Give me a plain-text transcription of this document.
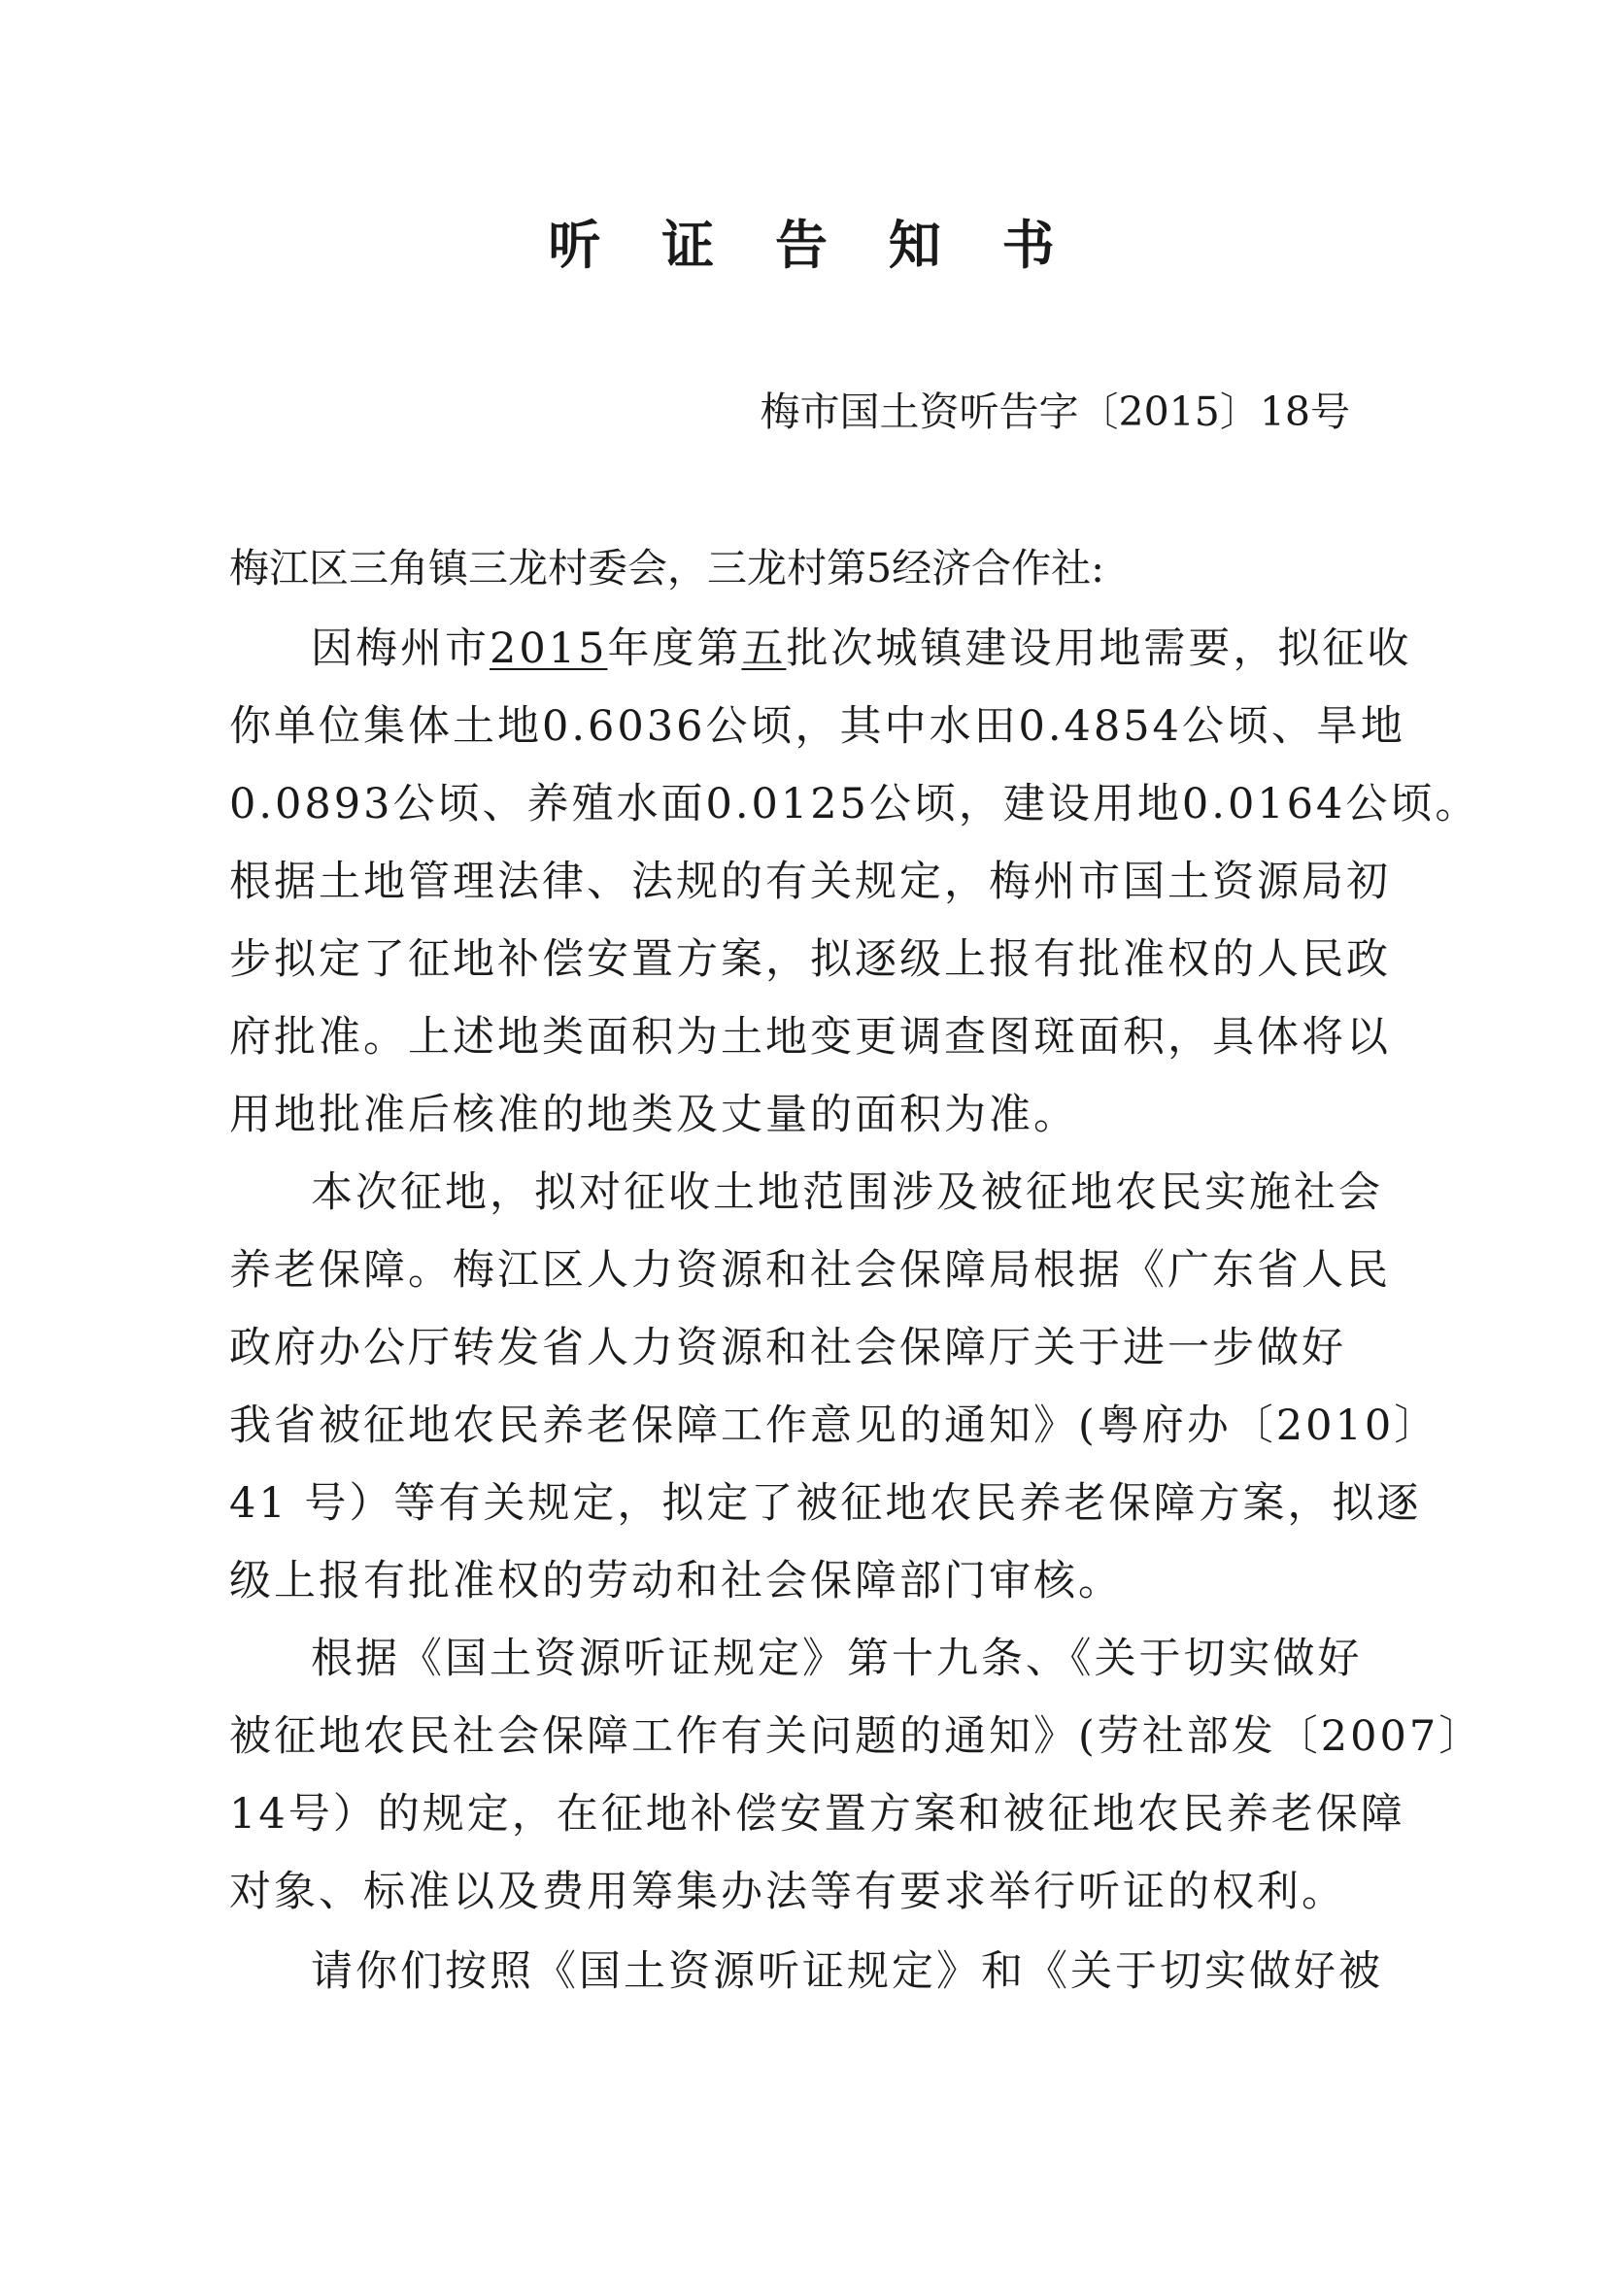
听 证 告 知 书
梅市国土资听告字〔2015〕18号
梅江区三角镇三龙村委会，三龙村第5经济合作社:
因梅州市2015年度第五批次城镇建设用地需要，拟征收
你单位集体土地0.6036公顷，其中水田0.4854公顷、旱地
0.0893公顷、养殖水面0.0125公顷，建设用地0.0164公顷。
根据土地管理法律、法规的有关规定，梅州市国土资源局初
步拟定了征地补偿安置方案，拟逐级上报有批准权的人民政
府批准。上述地类面积为土地变更调查图斑面积，具体将以
用地批准后核准的地类及丈量的面积为准。
本次征地，拟对征收土地范围涉及被征地农民实施社会
养老保障。梅江区人力资源和社会保障局根据《广东省人民
政府办公厅转发省人力资源和社会保障厅关于进一步做好
我省被征地农民养老保障工作意见的通知》(粤府办〔2010〕
41 号）等有关规定，拟定了被征地农民养老保障方案，拟逐
级上报有批准权的劳动和社会保障部门审核。
根据《国土资源听证规定》第十九条、《关于切实做好
被征地农民社会保障工作有关问题的通知》(劳社部发〔2007〕
14号）的规定，在征地补偿安置方案和被征地农民养老保障
对象、标准以及费用筹集办法等有要求举行听证的权利。
请你们按照《国土资源听证规定》和《关于切实做好被
